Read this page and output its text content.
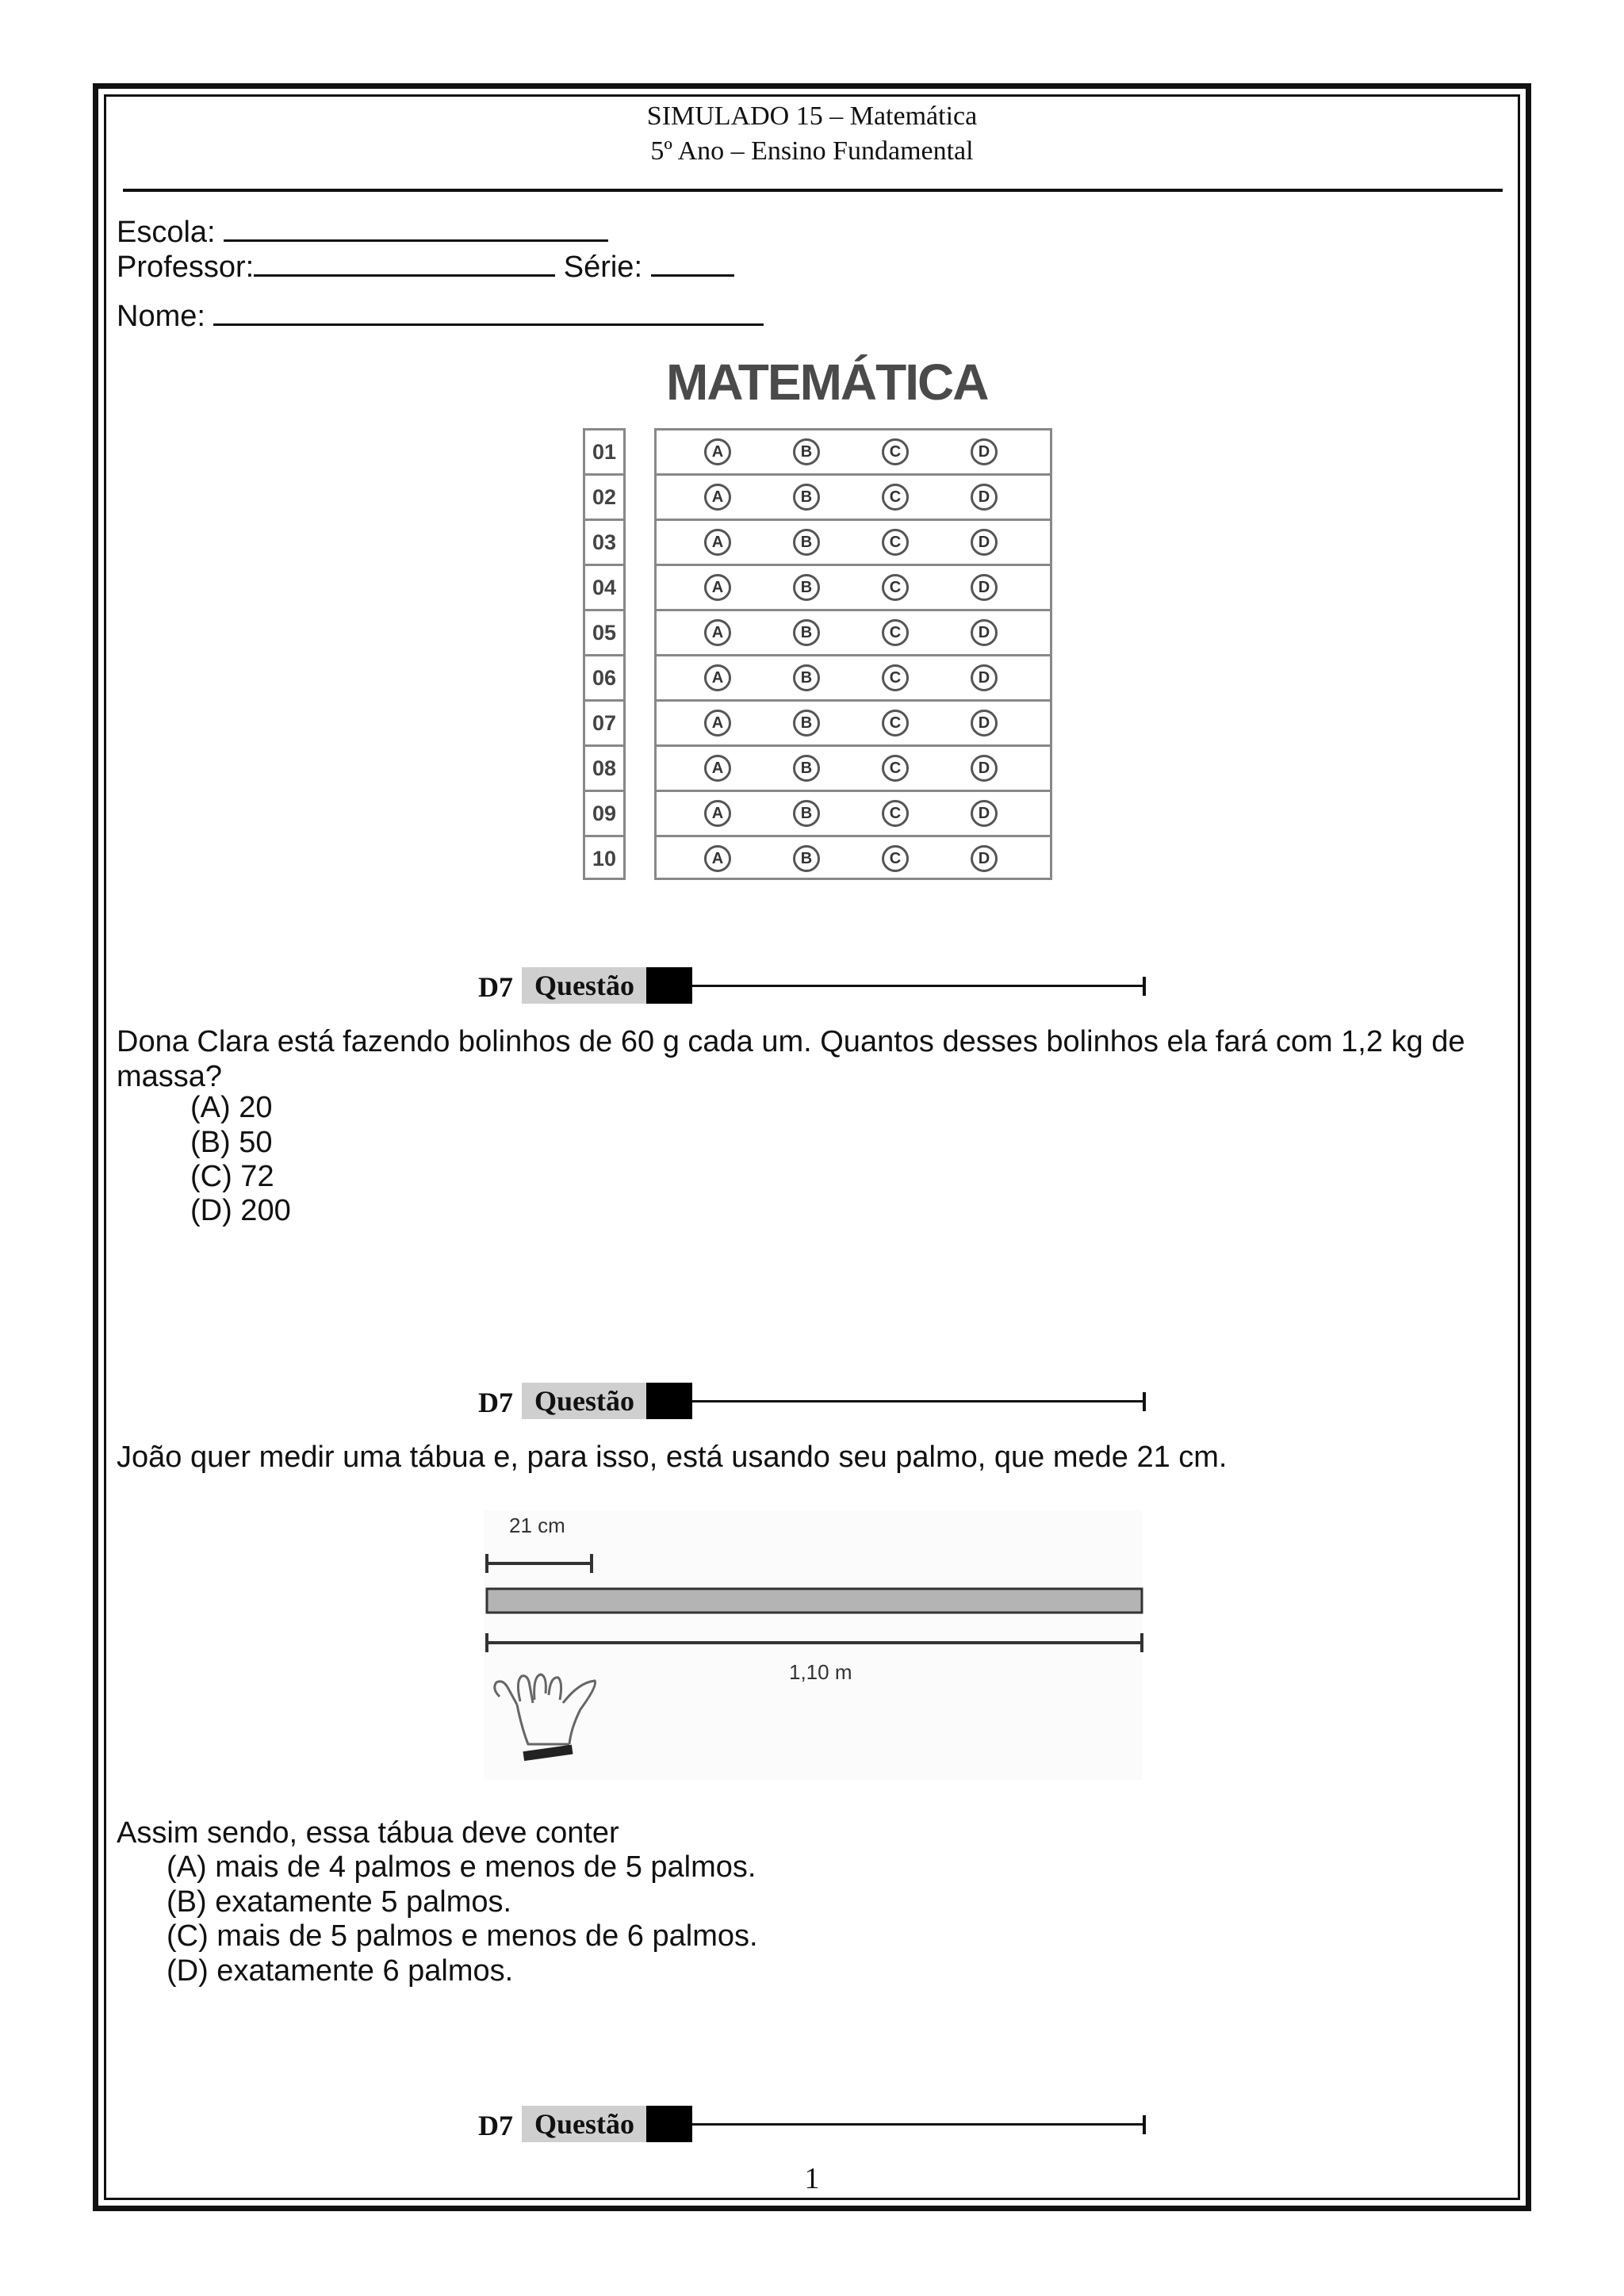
SIMULADO 15 – Matemática
5º Ano – Ensino Fundamental
Escola:
Professor:	Série:
Nome:
MATEMÁTICA
01	A	B	C	D
02	A	B	C	D
03	A	B	C	D
04	A	B	C	D
05	A	B	C	D
06	A	B	C	D
07	A	B	C	D
08	A	B	C	D
09	A	B	C	D
10	A	B	C	D
D7 Questão
Dona Clara está fazendo bolinhos de 60 g cada um. Quantos desses bolinhos ela fará com 1,2 kg de massa?
(A) 20
(B) 50
(C) 72
(D) 200
D7 Questão
João quer medir uma tábua e, para isso, está usando seu palmo, que mede 21 cm.
21 cm
1,10 m
Assim sendo, essa tábua deve conter
(A) mais de 4 palmos e menos de 5 palmos.
(B) exatamente 5 palmos.
(C) mais de 5 palmos e menos de 6 palmos.
(D) exatamente 6 palmos.
D7 Questão
1
